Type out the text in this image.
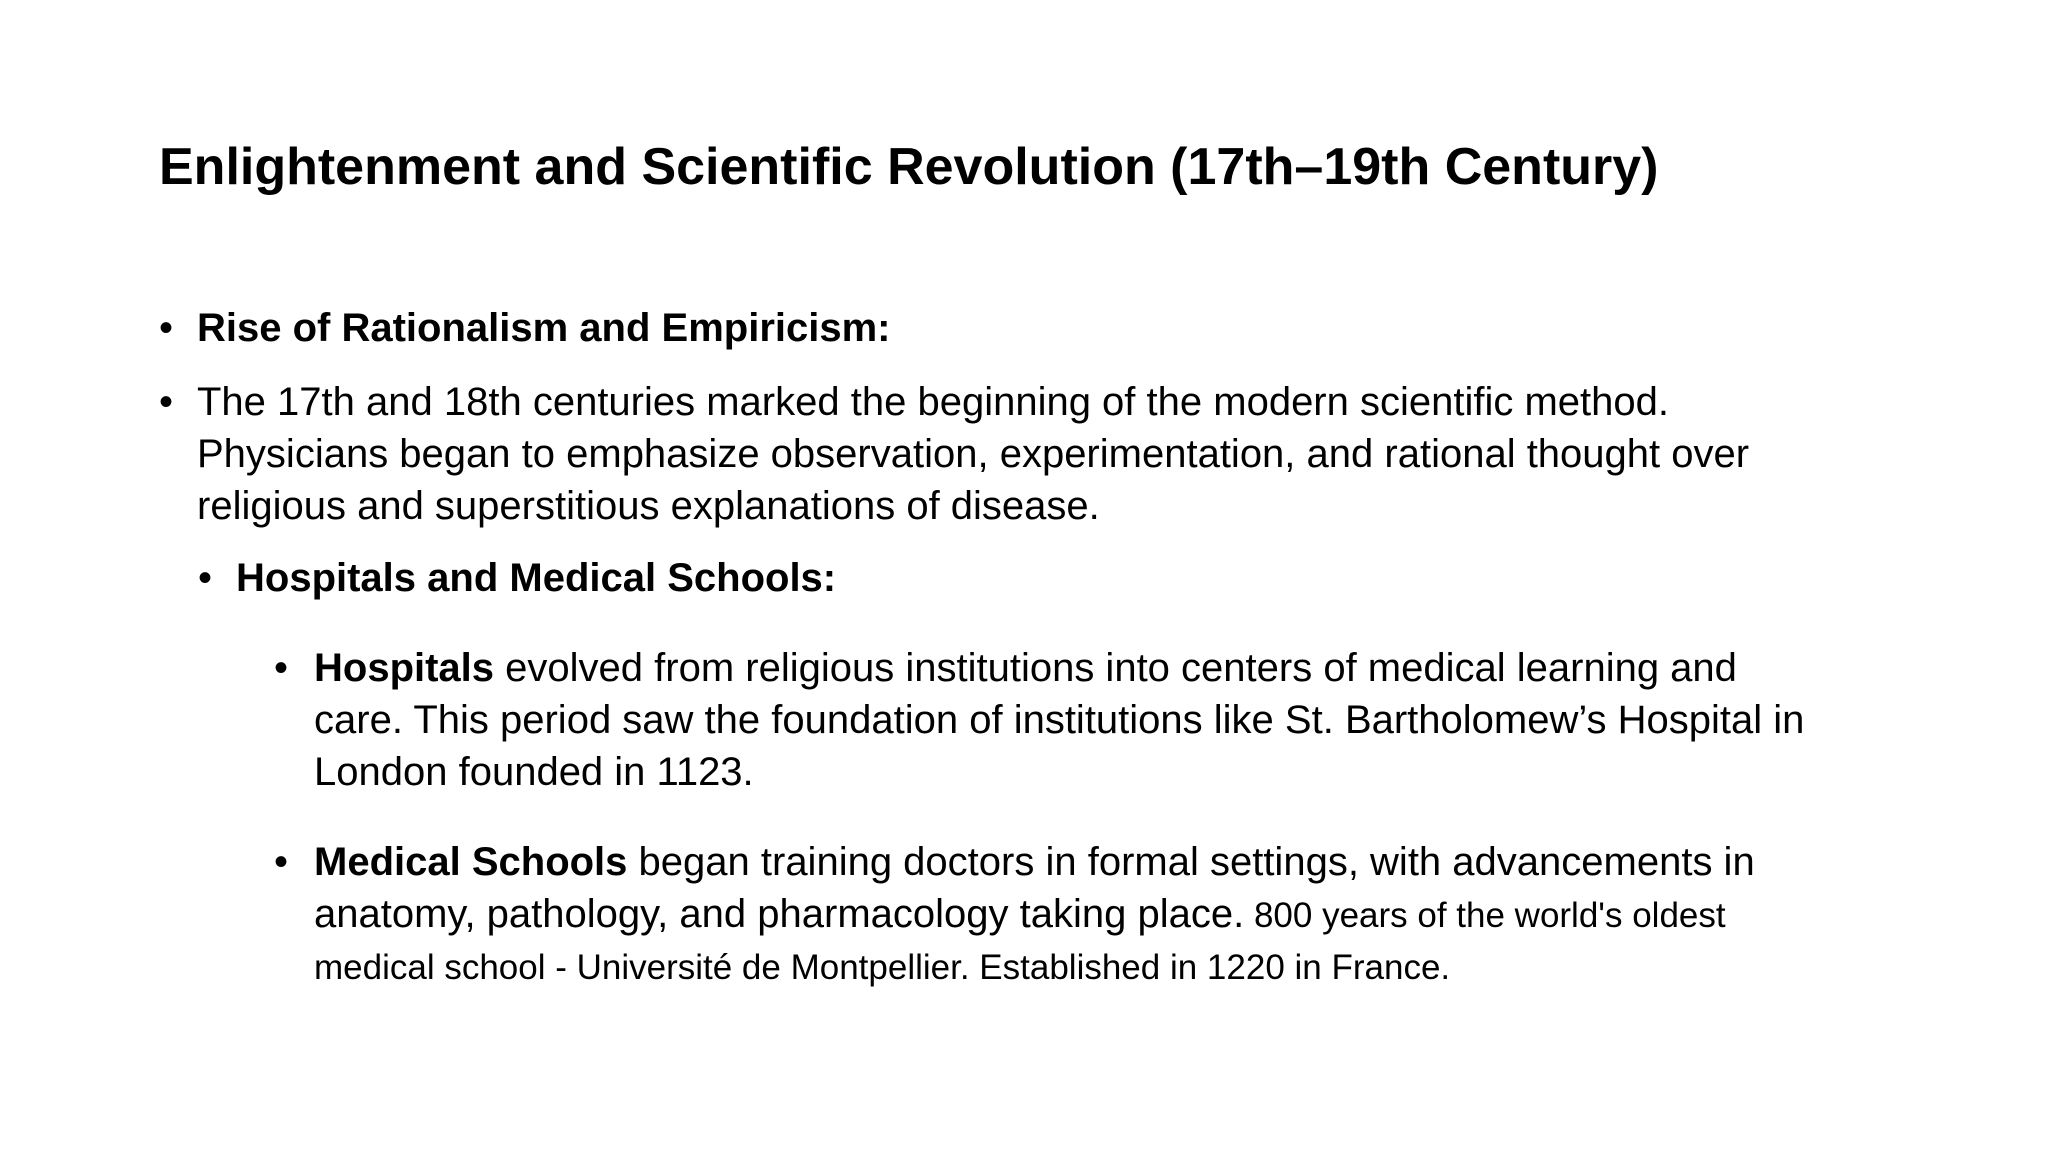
Enlightenment and Scientific Revolution (17th–19th Century)
• Rise of Rationalism and Empiricism:
• The 17th and 18th centuries marked the beginning of the modern scientific method.
Physicians began to emphasize observation, experimentation, and rational thought over
religious and superstitious explanations of disease.
• Hospitals and Medical Schools:
• Hospitals evolved from religious institutions into centers of medical learning and
care. This period saw the foundation of institutions like St. Bartholomew’s Hospital in
London founded in 1123.
• Medical Schools began training doctors in formal settings, with advancements in
anatomy, pathology, and pharmacology taking place. 800 years of the world's oldest
medical school - Université de Montpellier. Established in 1220 in France.
